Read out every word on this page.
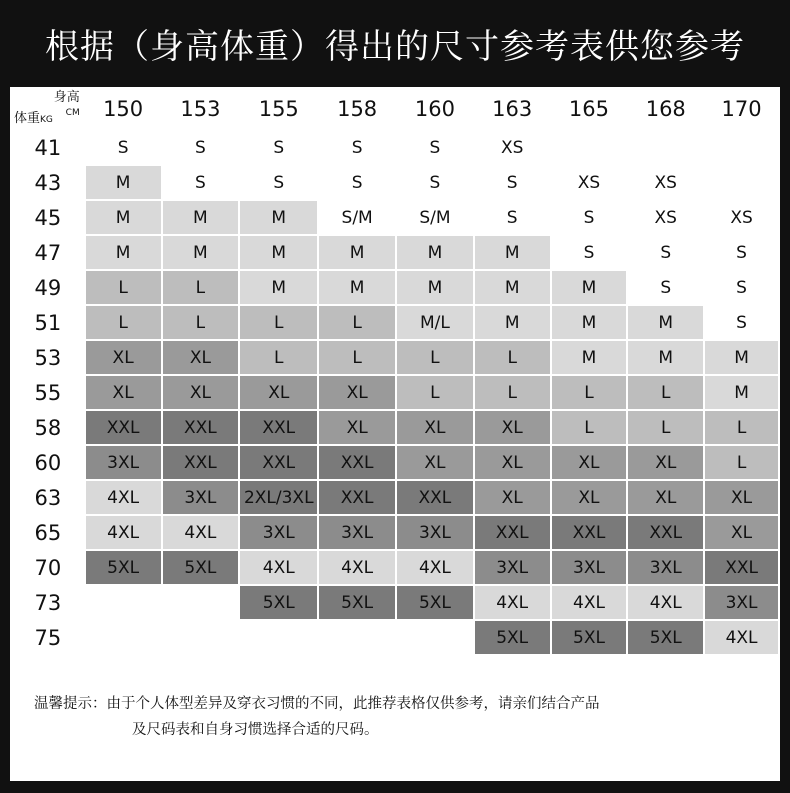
根据（身高体重）得出的尺寸参考表供您参考
身高
CM
体重KG	150	153	155	158	160	163	165	168	170
41	S	S	S	S	S	XS			
43	M	S	S	S	S	S	XS	XS	
45	M	M	M	S/M	S/M	S	S	XS	XS
47	M	M	M	M	M	M	S	S	S
49	L	L	M	M	M	M	M	S	S
51	L	L	L	L	M/L	M	M	M	S
53	XL	XL	L	L	L	L	M	M	M
55	XL	XL	XL	XL	L	L	L	L	M
58	XXL	XXL	XXL	XL	XL	XL	L	L	L
60	3XL	XXL	XXL	XXL	XL	XL	XL	XL	L
63	4XL	3XL	2XL/3XL	XXL	XXL	XL	XL	XL	XL
65	4XL	4XL	3XL	3XL	3XL	XXL	XXL	XXL	XL
70	5XL	5XL	4XL	4XL	4XL	3XL	3XL	3XL	XXL
73			5XL	5XL	5XL	4XL	4XL	4XL	3XL
75						5XL	5XL	5XL	4XL
温馨提示：由于个人体型差异及穿衣习惯的不同，此推荐表格仅供参考，请亲们结合产品
及尺码表和自身习惯选择合适的尺码。
